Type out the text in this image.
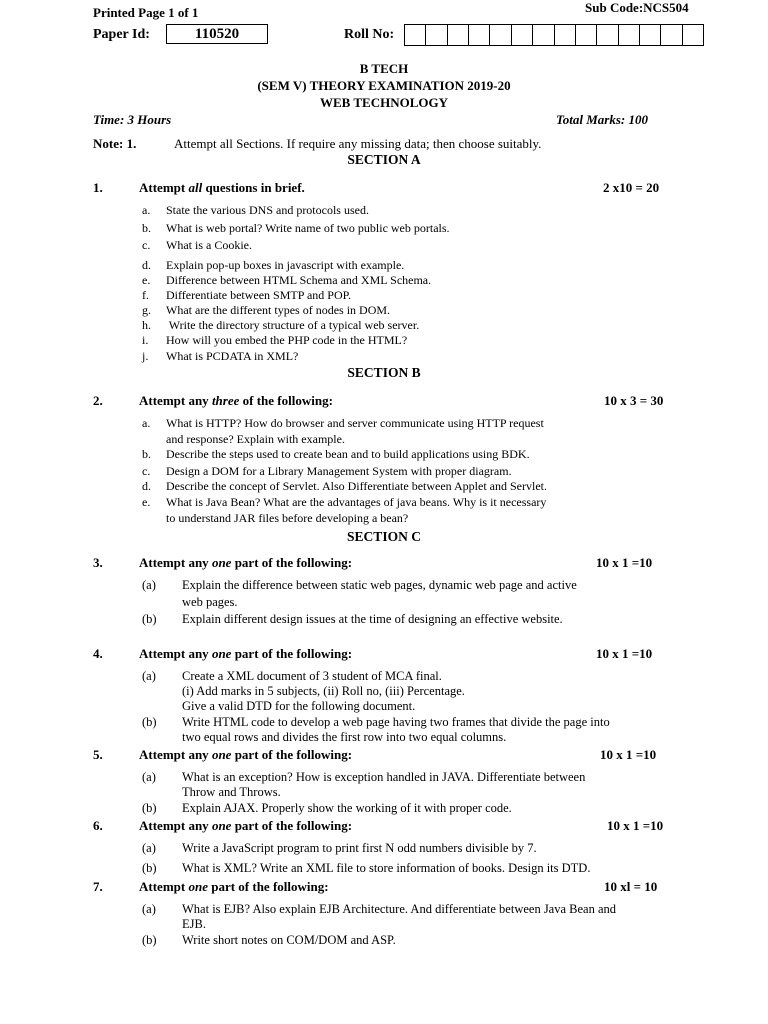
Printed Page 1 of 1	Sub Code:NCS504
Paper Id:	110520	Roll No:
B TECH
(SEM V) THEORY EXAMINATION 2019-20
WEB TECHNOLOGY
Time: 3 Hours	Total Marks: 100
Note: 1.	Attempt all Sections. If require any missing data; then choose suitably.
SECTION A
1.	Attempt all questions in brief.	2 x10 = 20
a. State the various DNS and protocols used.
b. What is web portal? Write name of two public web portals.
c. What is a Cookie.
d. Explain pop-up boxes in javascript with example.
e. Difference between HTML Schema and XML Schema.
f. Differentiate between SMTP and POP.
g. What are the different types of nodes in DOM.
h. Write the directory structure of a typical web server.
i. How will you embed the PHP code in the HTML?
j. What is PCDATA in XML?
SECTION B
2.	Attempt any three of the following:	10 x 3 = 30
a. What is HTTP? How do browser and server communicate using HTTP request
and response? Explain with example.
b. Describe the steps used to create bean and to build applications using BDK.
c. Design a DOM for a Library Management System with proper diagram.
d. Describe the concept of Servlet. Also Differentiate between Applet and Servlet.
e. What is Java Bean? What are the advantages of java beans. Why is it necessary
to understand JAR files before developing a bean?
SECTION C
3.	Attempt any one part of the following:	10 x 1 =10
(a) Explain the difference between static web pages, dynamic web page and active
web pages.
(b) Explain different design issues at the time of designing an effective website.
4.	Attempt any one part of the following:	10 x 1 =10
(a) Create a XML document of 3 student of MCA final.
(i) Add marks in 5 subjects, (ii) Roll no, (iii) Percentage.
Give a valid DTD for the following document.
(b) Write HTML code to develop a web page having two frames that divide the page into
two equal rows and divides the first row into two equal columns.
5.	Attempt any one part of the following:	10 x 1 =10
(a) What is an exception? How is exception handled in JAVA. Differentiate between
Throw and Throws.
(b) Explain AJAX. Properly show the working of it with proper code.
6.	Attempt any one part of the following:	10 x 1 =10
(a) Write a JavaScript program to print first N odd numbers divisible by 7.
(b) What is XML? Write an XML file to store information of books. Design its DTD.
7.	Attempt one part of the following:	10 xl = 10
(a) What is EJB? Also explain EJB Architecture. And differentiate between Java Bean and
EJB.
(b) Write short notes on COM/DOM and ASP.
